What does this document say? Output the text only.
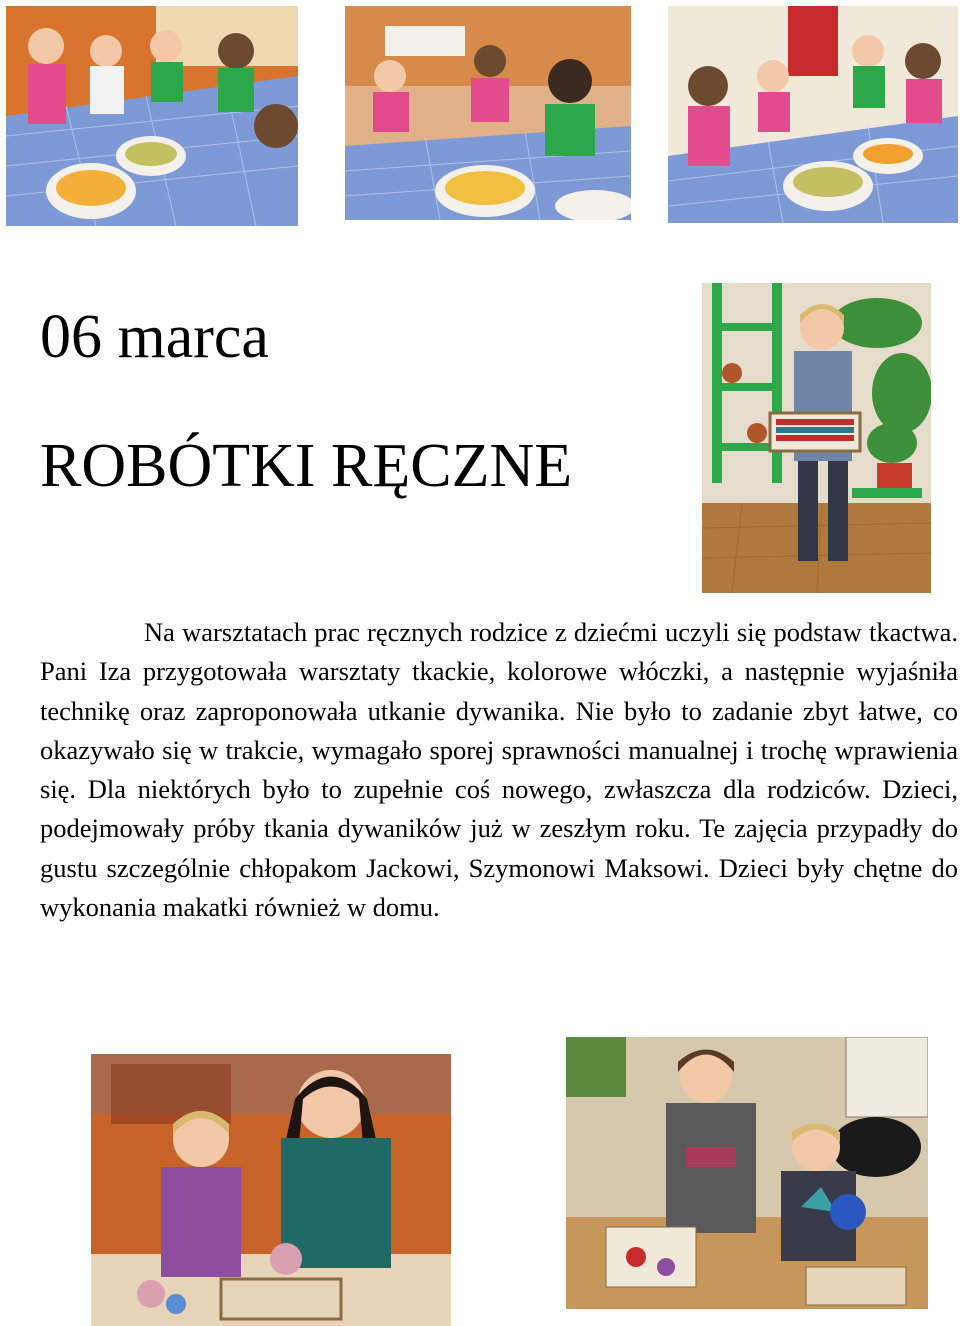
06 marca
ROBÓTKI RĘCZNE

Na warsztatach prac ręcznych rodzice z dziećmi uczyli się podstaw tkactwa. Pani Iza przygotowała warsztaty tkackie, kolorowe włóczki, a następnie wyjaśniła technikę oraz zaproponowała utkanie dywanika. Nie było to zadanie zbyt łatwe, co okazywało się w trakcie, wymagało sporej sprawności manualnej i trochę wprawienia się. Dla niektórych było to zupełnie coś nowego, zwłaszcza dla rodziców. Dzieci, podejmowały próby tkania dywaników już w zeszłym roku. Te zajęcia przypadły do gustu szczególnie chłopakom Jackowi, Szymonowi Maksowi. Dzieci były chętne do wykonania makatki również w domu.
